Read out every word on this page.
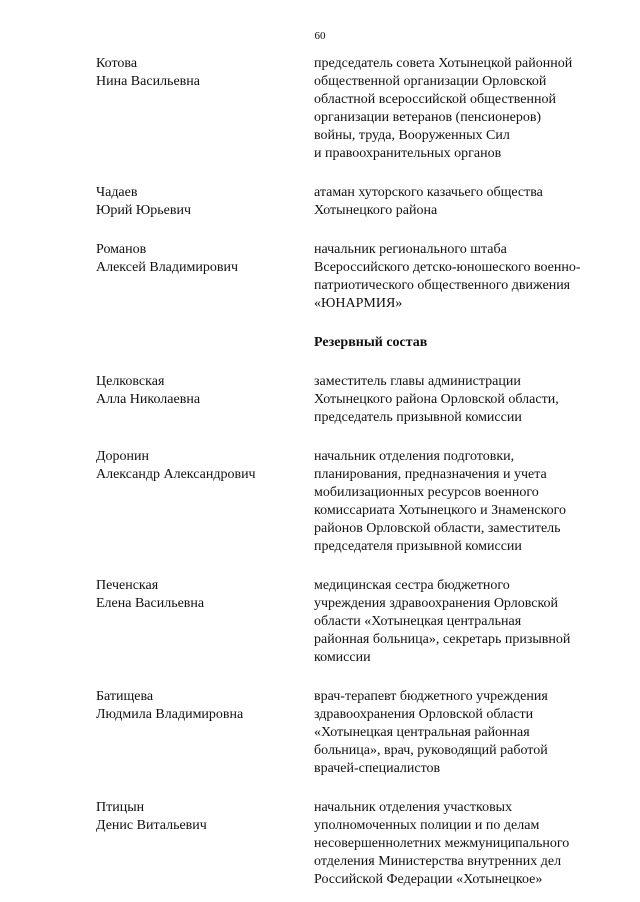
60
Котова
Нина Васильевна
председатель совета Хотынецкой районной
общественной организации Орловской
областной всероссийской общественной
организации ветеранов (пенсионеров)
войны, труда, Вооруженных Сил
и правоохранительных органов
Чадаев
Юрий Юрьевич
атаман хуторского казачьего общества
Хотынецкого района
Романов
Алексей Владимирович
начальник регионального штаба
Всероссийского детско-юношеского военно-
патриотического общественного движения
«ЮНАРМИЯ»
Резервный состав
Целковская
Алла Николаевна
заместитель главы администрации
Хотынецкого района Орловской области,
председатель призывной комиссии
Доронин
Александр Александрович
начальник отделения подготовки,
планирования, предназначения и учета
мобилизационных ресурсов военного
комиссариата Хотынецкого и Знаменского
районов Орловской области, заместитель
председателя призывной комиссии
Печенская
Елена Васильевна
медицинская сестра бюджетного
учреждения здравоохранения Орловской
области «Хотынецкая центральная
районная больница», секретарь призывной
комиссии
Батищева
Людмила Владимировна
врач-терапевт бюджетного учреждения
здравоохранения Орловской области
«Хотынецкая центральная районная
больница», врач, руководящий работой
врачей-специалистов
Птицын
Денис Витальевич
начальник отделения участковых
уполномоченных полиции и по делам
несовершеннолетних межмуниципального
отделения Министерства внутренних дел
Российской Федерации «Хотынецкое»
